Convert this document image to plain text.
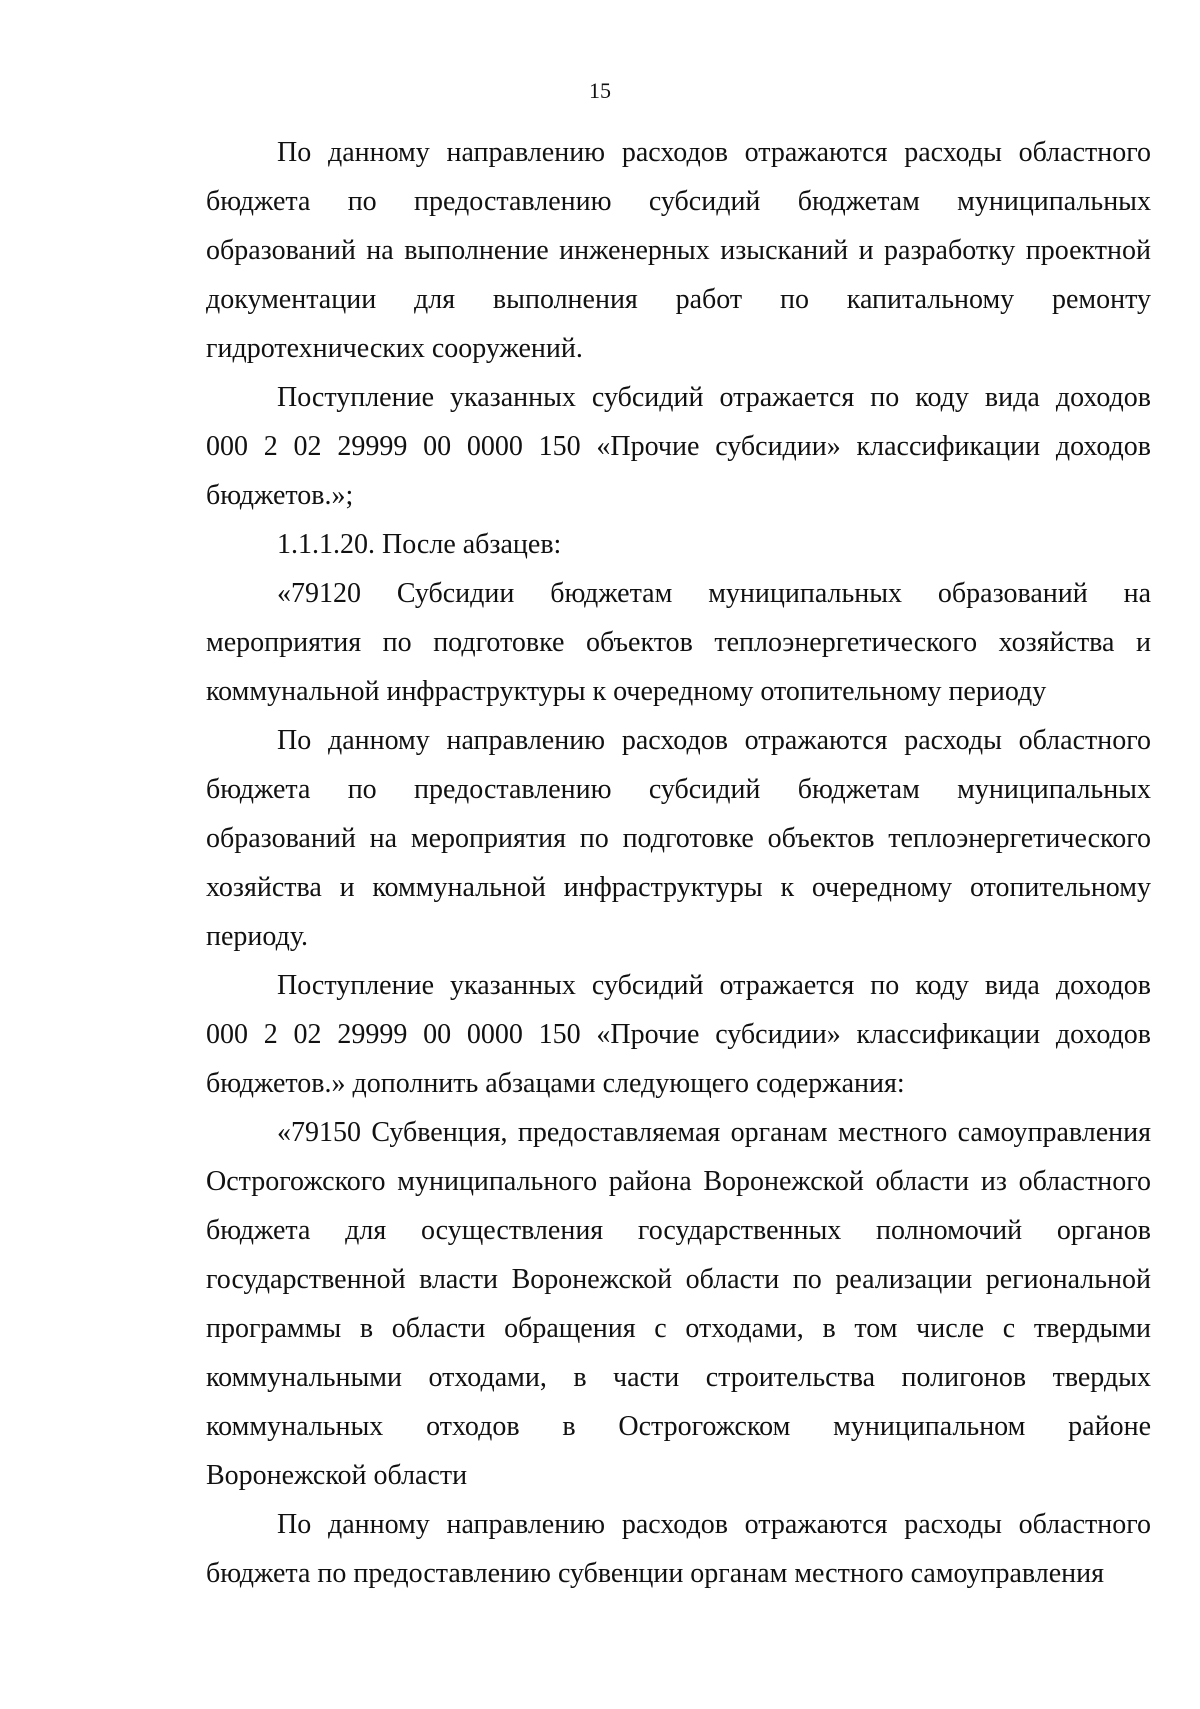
15
По данному направлению расходов отражаются расходы областного
бюджета по предоставлению субсидий бюджетам муниципальных
образований на выполнение инженерных изысканий и разработку проектной
документации для выполнения работ по капитальному ремонту
гидротехнических сооружений.
Поступление указанных субсидий отражается по коду вида доходов
000 2 02 29999 00 0000 150 «Прочие субсидии» классификации доходов
бюджетов.»;
1.1.1.20. После абзацев:
«79120 Субсидии бюджетам муниципальных образований на
мероприятия по подготовке объектов теплоэнергетического хозяйства и
коммунальной инфраструктуры к очередному отопительному периоду
По данному направлению расходов отражаются расходы областного
бюджета по предоставлению субсидий бюджетам муниципальных
образований на мероприятия по подготовке объектов теплоэнергетического
хозяйства и коммунальной инфраструктуры к очередному отопительному
периоду.
Поступление указанных субсидий отражается по коду вида доходов
000 2 02 29999 00 0000 150 «Прочие субсидии» классификации доходов
бюджетов.» дополнить абзацами следующего содержания:
«79150 Субвенция, предоставляемая органам местного самоуправления
Острогожского муниципального района Воронежской области из областного
бюджета для осуществления государственных полномочий органов
государственной власти Воронежской области по реализации региональной
программы в области обращения с отходами, в том числе с твердыми
коммунальными отходами, в части строительства полигонов твердых
коммунальных отходов в Острогожском муниципальном районе
Воронежской области
По данному направлению расходов отражаются расходы областного
бюджета по предоставлению субвенции органам местного самоуправления
